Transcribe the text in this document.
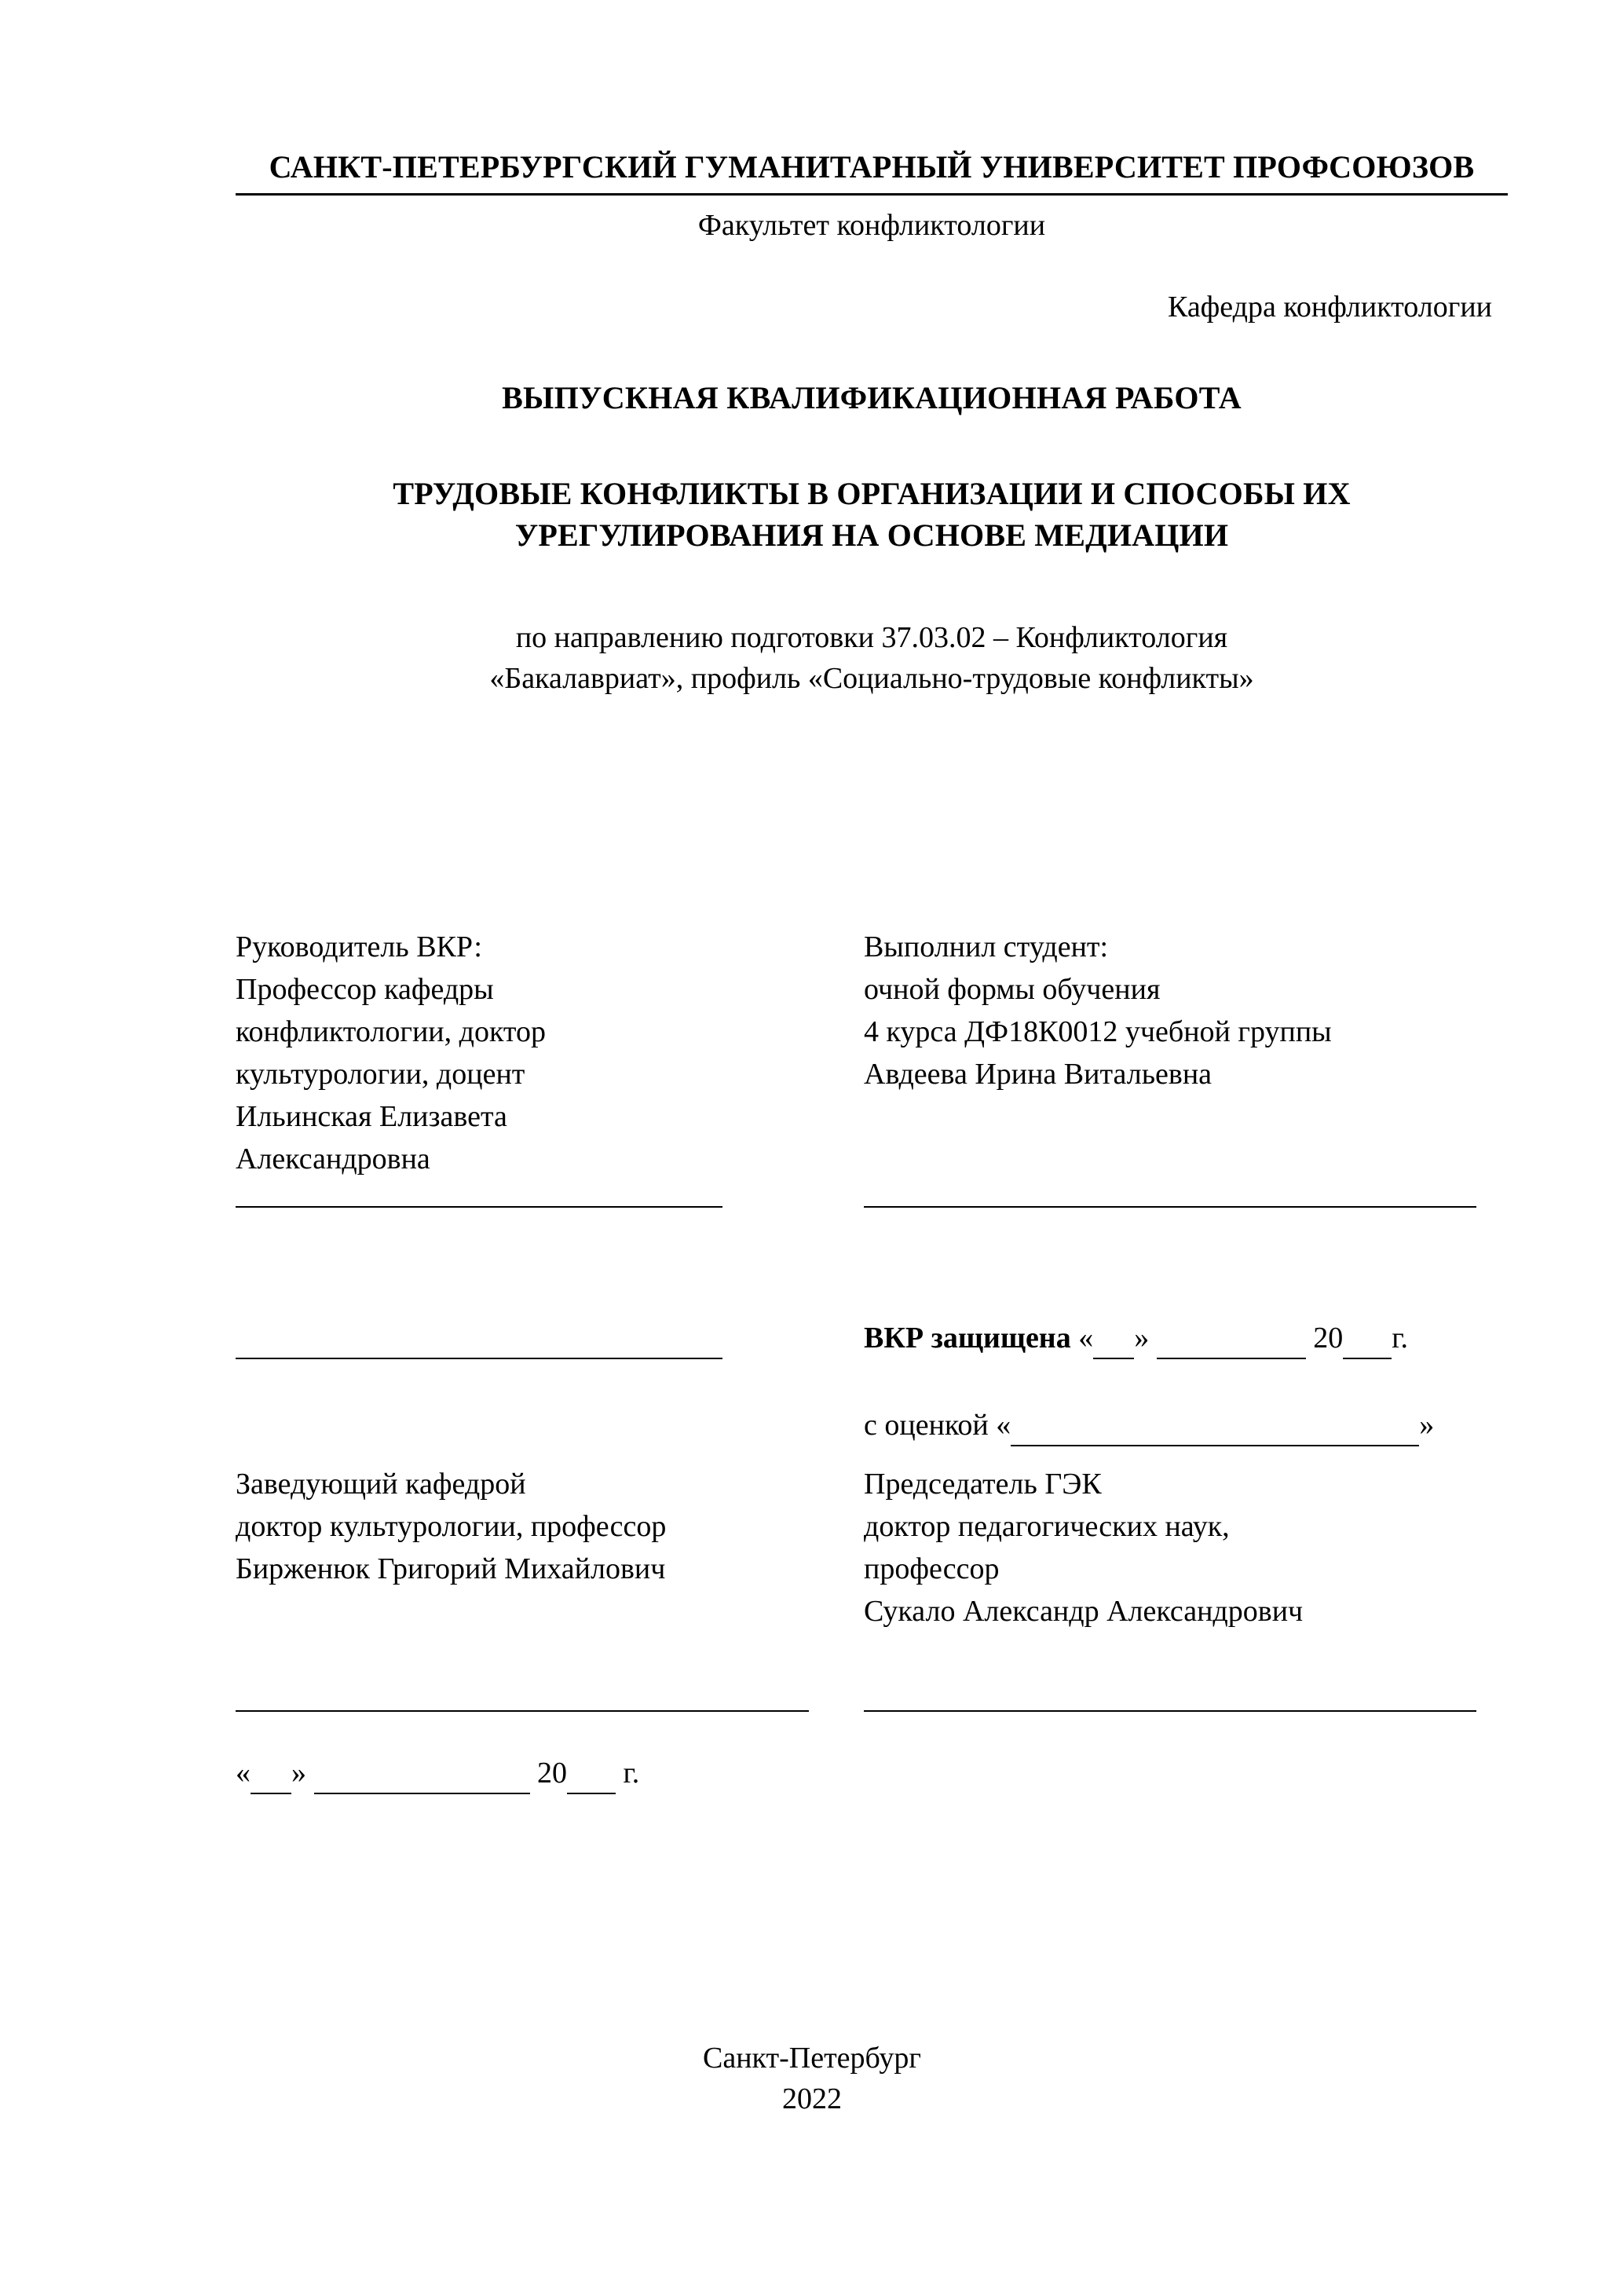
САНКТ-ПЕТЕРБУРГСКИЙ ГУМАНИТАРНЫЙ УНИВЕРСИТЕТ ПРОФСОЮЗОВ
Факультет конфликтологии
Кафедра конфликтологии
ВЫПУСКНАЯ КВАЛИФИКАЦИОННАЯ РАБОТА
ТРУДОВЫЕ КОНФЛИКТЫ В ОРГАНИЗАЦИИ И СПОСОБЫ ИХ
УРЕГУЛИРОВАНИЯ НА ОСНОВЕ МЕДИАЦИИ
по направлению подготовки 37.03.02 – Конфликтология
«Бакалавриат», профиль «Социально-трудовые конфликты»
Руководитель ВКР:
Профессор кафедры
конфликтологии, доктор
культурологии, доцент
Ильинская Елизавета
Александровна
Выполнил студент:
очной формы обучения
4 курса ДФ18К0012 учебной группы
Авдеева Ирина Витальевна
ВКР защищена « »	20 г.
с оценкой «	»
Заведующий кафедрой
доктор культурологии, профессор
Бирженюк Григорий Михайлович
Председатель ГЭК
доктор педагогических наук,
профессор
Сукало Александр Александрович
« »	20 г.
Санкт-Петербург
2022
